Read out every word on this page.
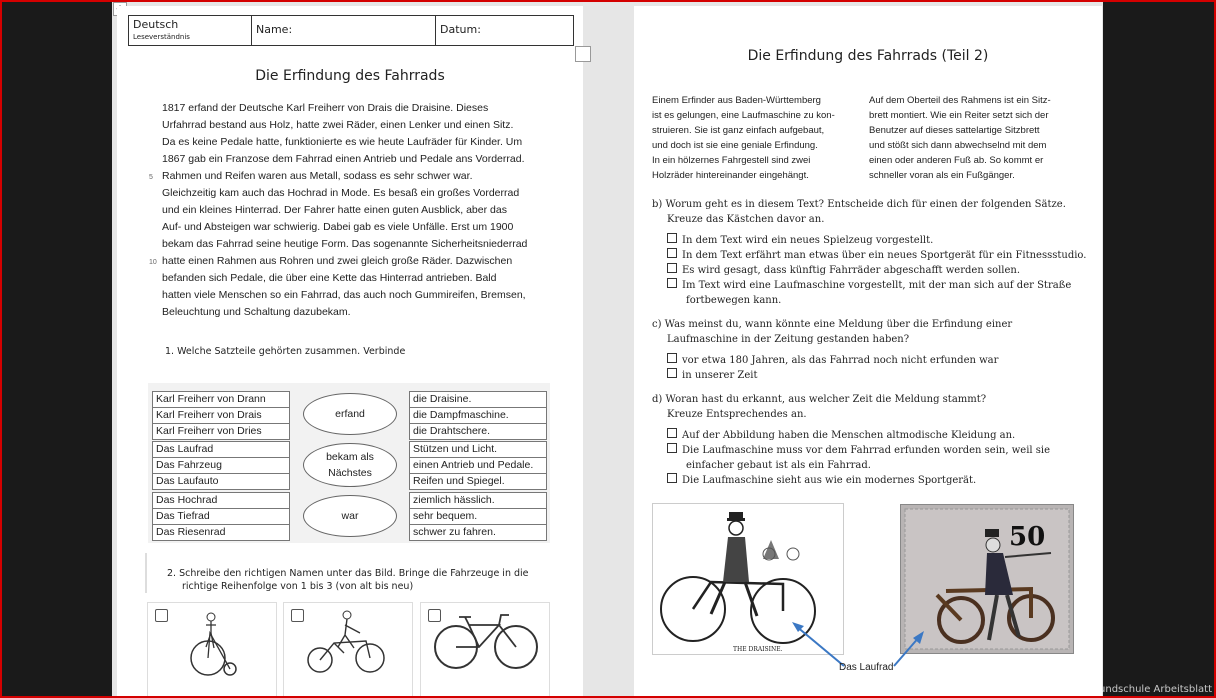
Deutsch
Leseverständnis
Name:	Datum:
Die Erfindung des Fahrrads
1817 erfand der Deutsche Karl Freiherr von Drais die Draisine. Dieses
Urfahrrad bestand aus Holz, hatte zwei Räder, einen Lenker und einen Sitz.
Da es keine Pedale hatte, funktionierte es wie heute Laufräder für Kinder. Um
1867 gab ein Franzose dem Fahrrad einen Antrieb und Pedale ans Vorderrad.
5 Rahmen und Reifen waren aus Metall, sodass es sehr schwer war.
Gleichzeitig kam auch das Hochrad in Mode. Es besaß ein großes Vorderrad
und ein kleines Hinterrad. Der Fahrer hatte einen guten Ausblick, aber das
Auf- und Absteigen war schwierig. Dabei gab es viele Unfälle. Erst um 1900
bekam das Fahrrad seine heutige Form. Das sogenannte Sicherheitsniederrad
10 hatte einen Rahmen aus Rohren und zwei gleich große Räder. Dazwischen
befanden sich Pedale, die über eine Kette das Hinterrad antrieben. Bald
hatten viele Menschen so ein Fahrrad, das auch noch Gummireifen, Bremsen,
Beleuchtung und Schaltung dazubekam.
1. Welche Satzteile gehörten zusammen. Verbinde
Karl Freiherr von Drann
Karl Freiherr von Drais
Karl Freiherr von Dries
erfand
die Draisine.
die Dampfmaschine.
die Drahtschere.
Das Laufrad
Das Fahrzeug
Das Laufauto
bekam als
Nächstes
Stützen und Licht.
einen Antrieb und Pedale.
Reifen und Spiegel.
Das Hochrad
Das Tiefrad
Das Riesenrad
war
ziemlich hässlich.
sehr bequem.
schwer zu fahren.
2. Schreibe den richtigen Namen unter das Bild. Bringe die Fahrzeuge in die
richtige Reihenfolge von 1 bis 3 (von alt bis neu)
Die Erfindung des Fahrrads (Teil 2)
Einem Erfinder aus Baden-Württemberg
ist es gelungen, eine Laufmaschine zu kon-
struieren. Sie ist ganz einfach aufgebaut,
und doch ist sie eine geniale Erfindung.
In ein hölzernes Fahrgestell sind zwei
Holzräder hintereinander eingehängt.
Auf dem Oberteil des Rahmens ist ein Sitz-
brett montiert. Wie ein Reiter setzt sich der
Benutzer auf dieses sattelartige Sitzbrett
und stößt sich dann abwechselnd mit dem
einen oder anderen Fuß ab. So kommt er
schneller voran als ein Fußgänger.
b) Worum geht es in diesem Text? Entscheide dich für einen der folgenden Sätze.
Kreuze das Kästchen davor an.
In dem Text wird ein neues Spielzeug vorgestellt.
In dem Text erfährt man etwas über ein neues Sportgerät für ein Fitnessstudio.
Es wird gesagt, dass künftig Fahrräder abgeschafft werden sollen.
Im Text wird eine Laufmaschine vorgestellt, mit der man sich auf der Straße
fortbewegen kann.
c) Was meinst du, wann könnte eine Meldung über die Erfindung einer
Laufmaschine in der Zeitung gestanden haben?
vor etwa 180 Jahren, als das Fahrrad noch nicht erfunden war
in unserer Zeit
d) Woran hast du erkannt, aus welcher Zeit die Meldung stammt?
Kreuze Entsprechendes an.
Auf der Abbildung haben die Menschen altmodische Kleidung an.
Die Laufmaschine muss vor dem Fahrrad erfunden worden sein, weil sie
einfacher gebaut ist als ein Fahrrad.
Die Laufmaschine sieht aus wie ein modernes Sportgerät.
THE DRAISINE.
50
Das Laufrad
Grundschule Arbeitsblatt
